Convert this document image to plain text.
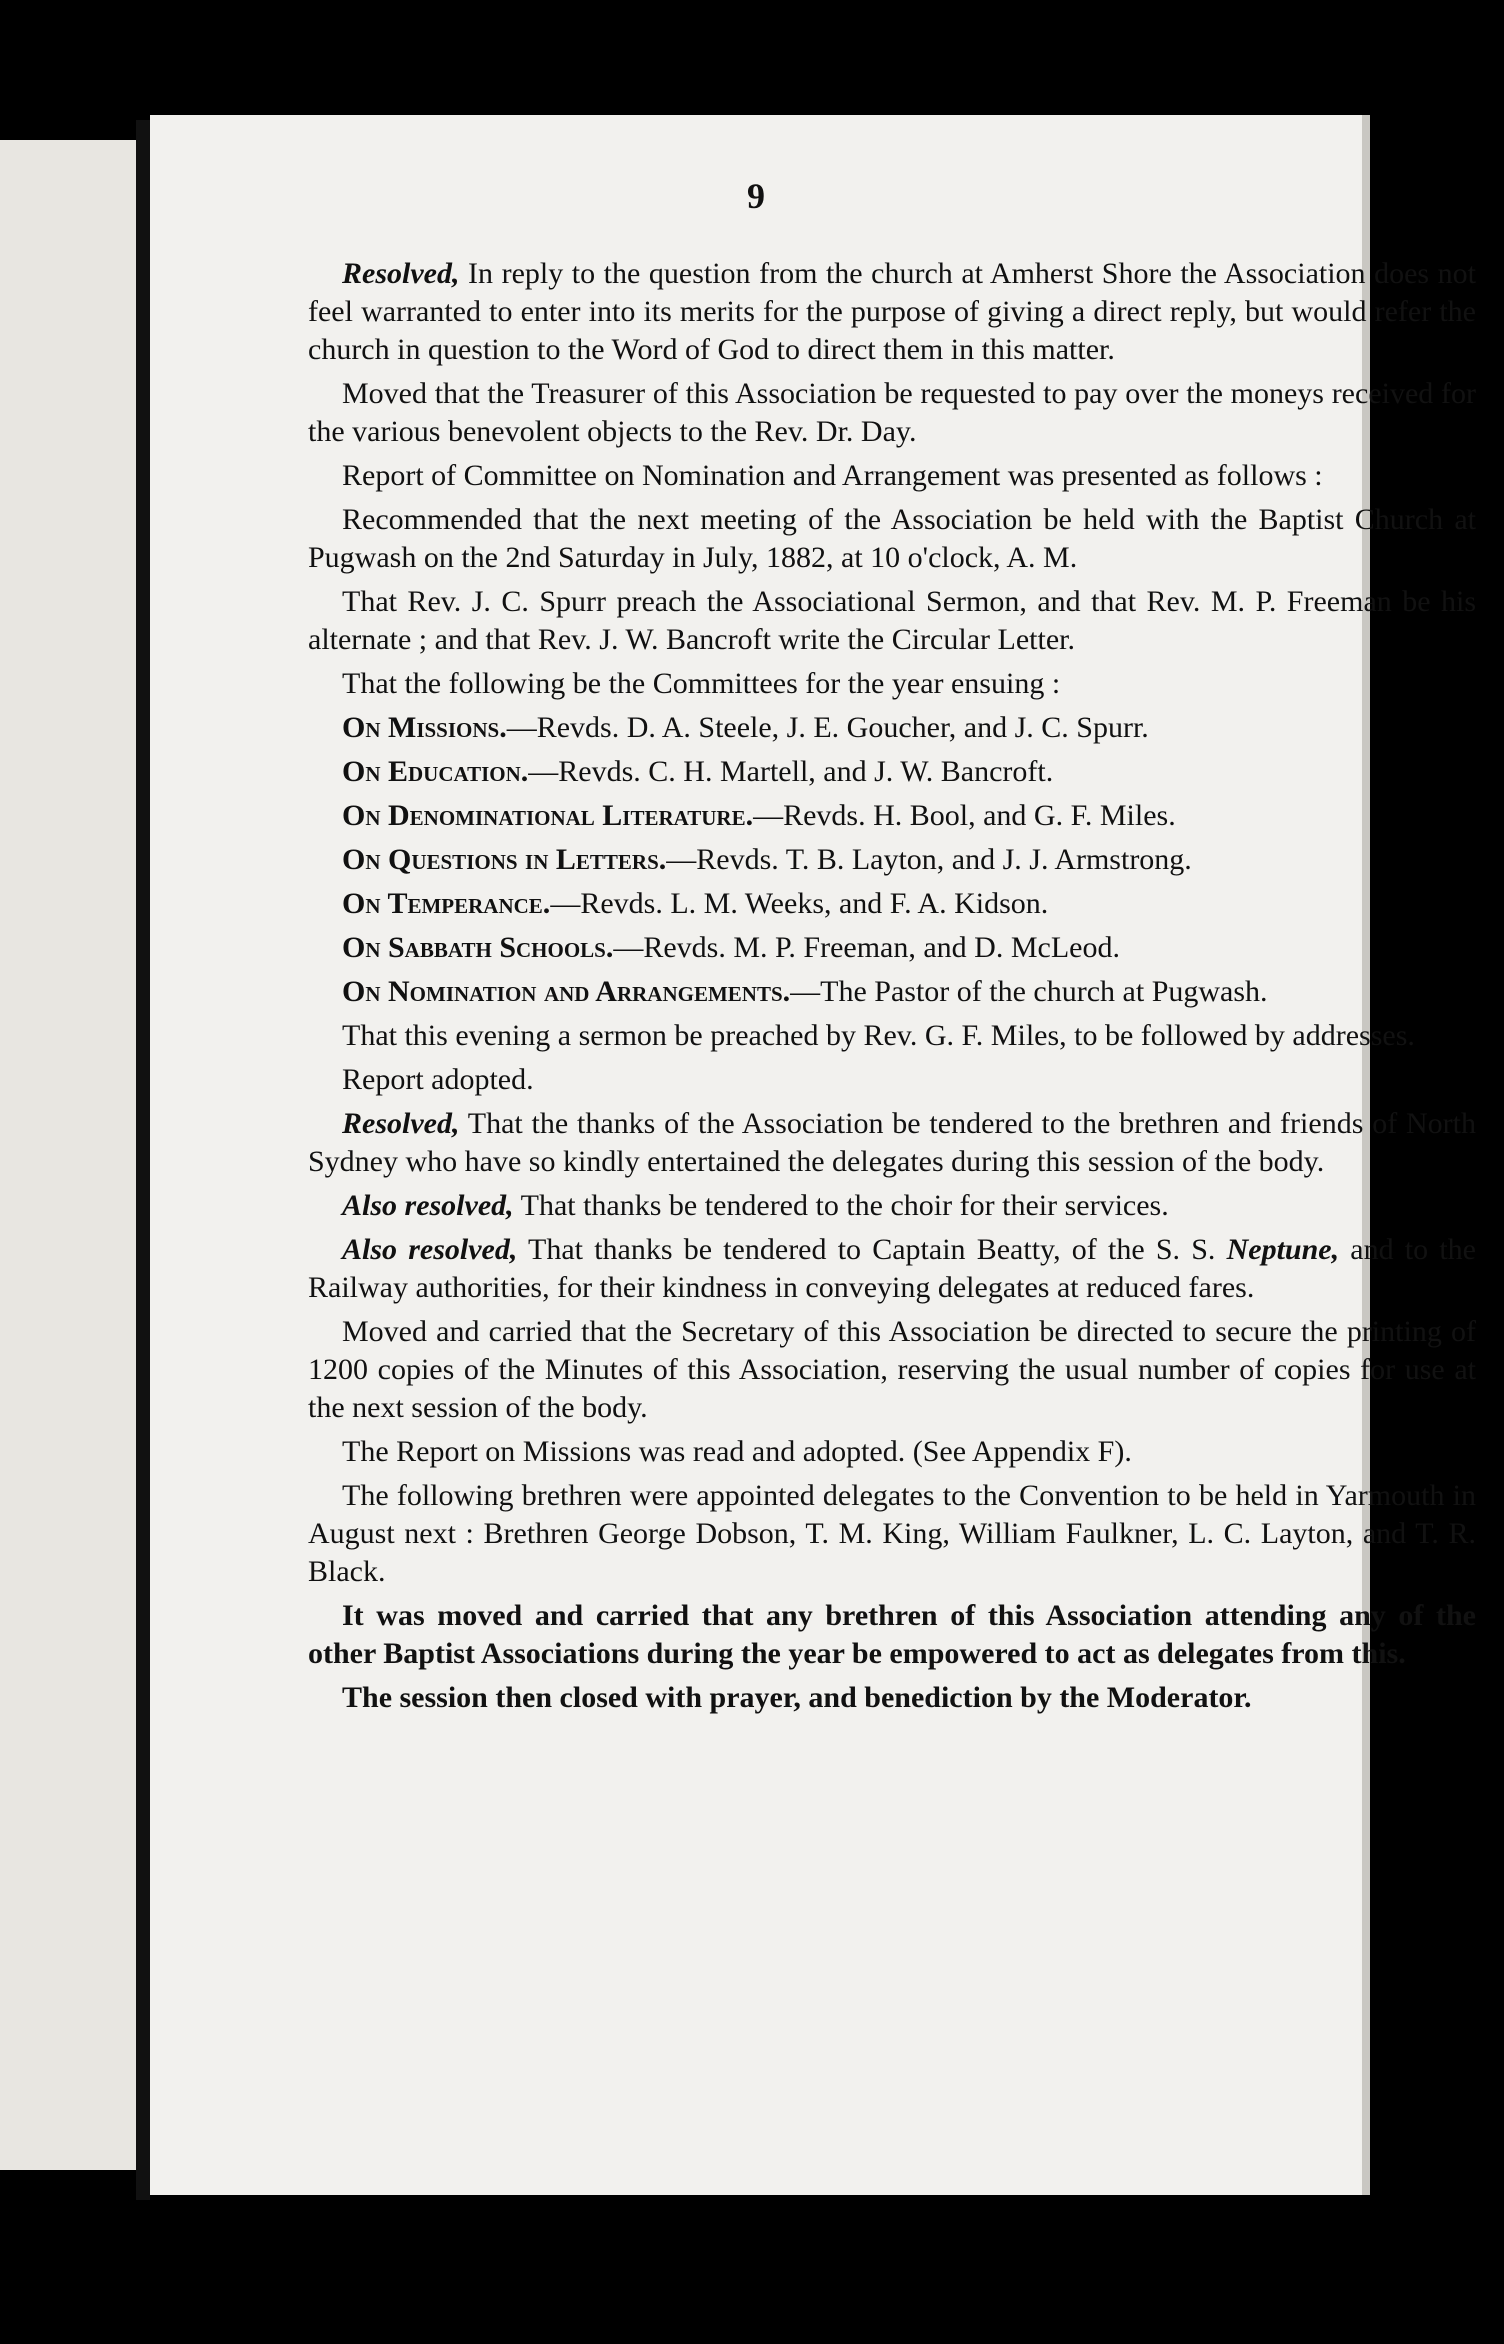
9

Resolved, In reply to the question from the church at Amherst Shore the Association does not feel warranted to enter into its merits for the purpose of giving a direct reply, but would refer the church in question to the Word of God to direct them in this matter.

Moved that the Treasurer of this Association be requested to pay over the moneys received for the various benevolent objects to the Rev. Dr. Day.

Report of Committee on Nomination and Arrangement was presented as follows :

Recommended that the next meeting of the Association be held with the Baptist Church at Pugwash on the 2nd Saturday in July, 1882, at 10 o'clock, A. M.

That Rev. J. C. Spurr preach the Associational Sermon, and that Rev. M. P. Freeman be his alternate ; and that Rev. J. W. Bancroft write the Circular Letter.

That the following be the Committees for the year ensuing :

On Missions.—Revds. D. A. Steele, J. E. Goucher, and J. C. Spurr.

On Education.—Revds. C. H. Martell, and J. W. Bancroft.

On Denominational Literature.—Revds. H. Bool, and G. F. Miles.

On Questions in Letters.—Revds. T. B. Layton, and J. J. Armstrong.

On Temperance.—Revds. L. M. Weeks, and F. A. Kidson.

On Sabbath Schools.—Revds. M. P. Freeman, and D. McLeod.

On Nomination and Arrangements.—The Pastor of the church at Pugwash.

That this evening a sermon be preached by Rev. G. F. Miles, to be followed by addresses.

Report adopted.

Resolved, That the thanks of the Association be tendered to the brethren and friends of North Sydney who have so kindly entertained the delegates during this session of the body.

Also resolved, That thanks be tendered to the choir for their services.

Also resolved, That thanks be tendered to Captain Beatty, of the S. S. Neptune, and to the Railway authorities, for their kindness in conveying delegates at reduced fares.

Moved and carried that the Secretary of this Association be directed to secure the printing of 1200 copies of the Minutes of this Association, reserving the usual number of copies for use at the next session of the body.

The Report on Missions was read and adopted. (See Appendix F).

The following brethren were appointed delegates to the Convention to be held in Yarmouth in August next : Brethren George Dobson, T. M. King, William Faulkner, L. C. Layton, and T. R. Black.

It was moved and carried that any brethren of this Association attending any of the other Baptist Associations during the year be empowered to act as delegates from this.

The session then closed with prayer, and benediction by the Moderator.
